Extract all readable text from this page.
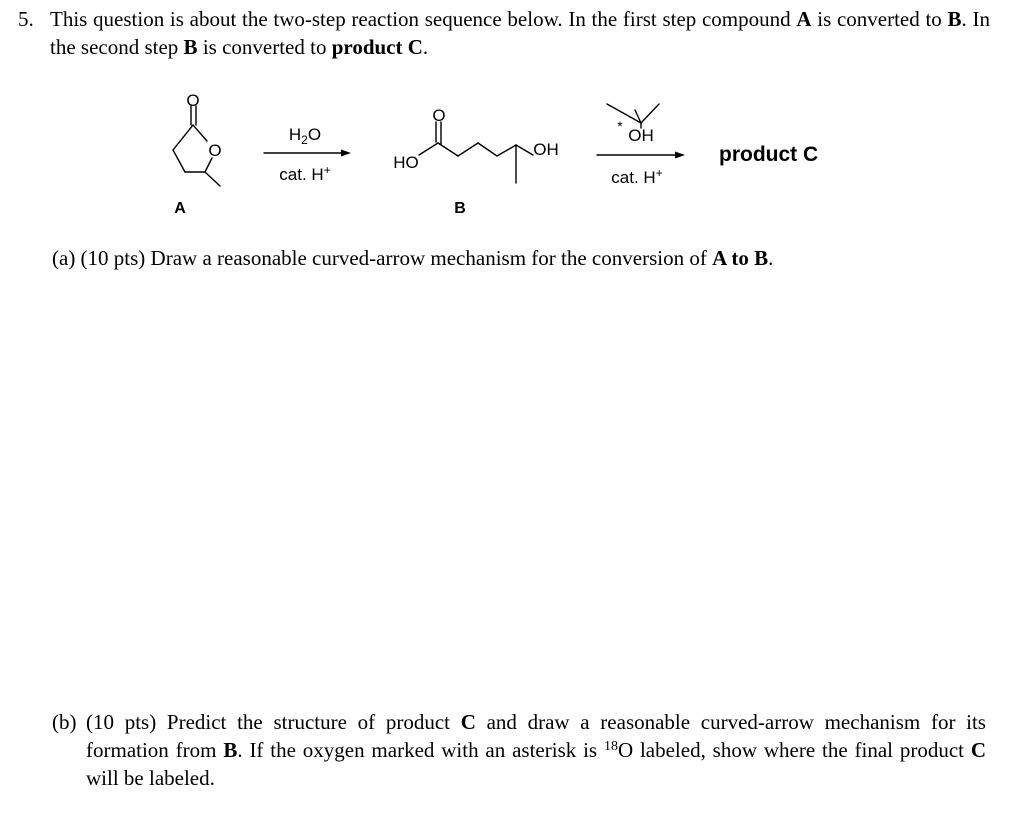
5. This question is about the two-step reaction sequence below. In the first step compound A is converted to B. In the second step B is converted to product C.
O
O
A
$H_2O$
cat. H+
O
HO
OH
B
* OH
cat. H+
product C
(a) (10 pts) Draw a reasonable curved-arrow mechanism for the conversion of A to B.
(b) (10 pts) Predict the structure of product C and draw a reasonable curved-arrow mechanism for its formation from B. If the oxygen marked with an asterisk is $^{18}$O labeled, show where the final product C will be labeled.
